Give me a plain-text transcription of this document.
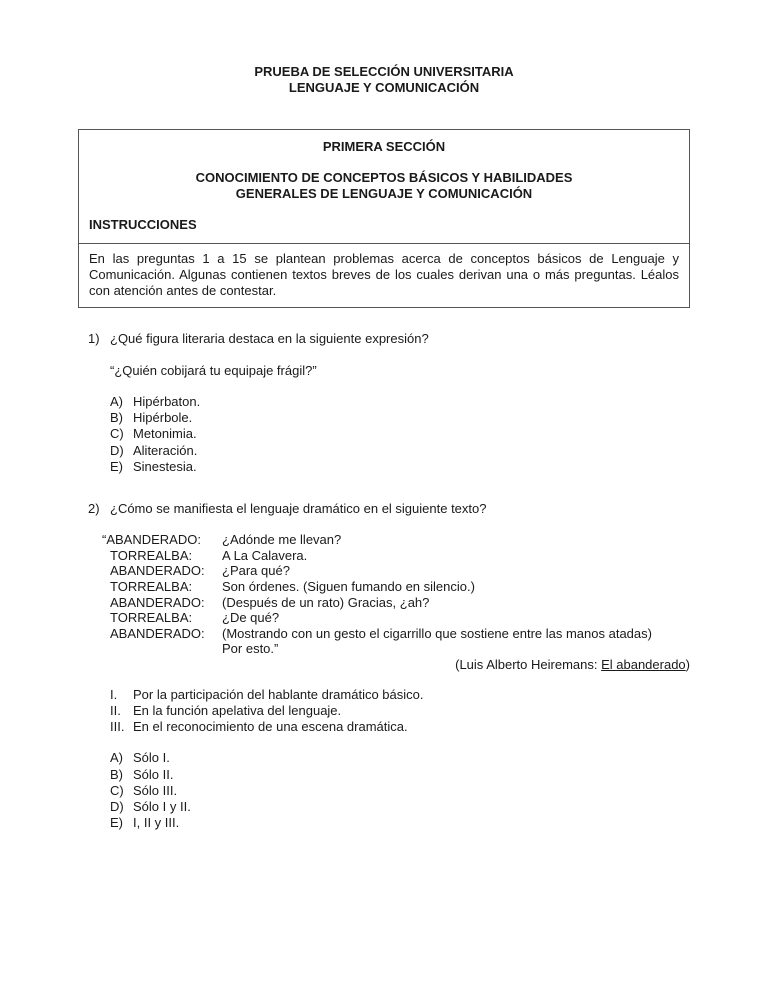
PRUEBA DE SELECCIÓN UNIVERSITARIA
LENGUAJE Y COMUNICACIÓN
PRIMERA SECCIÓN
CONOCIMIENTO DE CONCEPTOS BÁSICOS Y HABILIDADES
GENERALES DE LENGUAJE Y COMUNICACIÓN
INSTRUCCIONES

En las preguntas 1 a 15 se plantean problemas acerca de conceptos básicos de Lenguaje y Comunicación. Algunas contienen textos breves de los cuales derivan una o más preguntas. Léalos con atención antes de contestar.

1) ¿Qué figura literaria destaca en la siguiente expresión?
“¿Quién cobijará tu equipaje frágil?”
A) Hipérbaton.
B) Hipérbole.
C) Metonimia.
D) Aliteración.
E) Sinestesia.
2) ¿Cómo se manifiesta el lenguaje dramático en el siguiente texto?
“ABANDERADO:	¿Adónde me llevan?
TORREALBA:	A La Calavera.
ABANDERADO:	¿Para qué?
TORREALBA:	Son órdenes. (Siguen fumando en silencio.)
ABANDERADO:	(Después de un rato) Gracias, ¿ah?
TORREALBA:	¿De qué?
ABANDERADO:	(Mostrando con un gesto el cigarrillo que sostiene entre las manos atadas)
Por esto.”
(Luis Alberto Heiremans: El abanderado)
I.	Por la participación del hablante dramático básico.
II. En la función apelativa del lenguaje.
III. En el reconocimiento de una escena dramática.
A) Sólo I.
B) Sólo II.
C) Sólo III.
D) Sólo I y II.
E) I, II y III.
